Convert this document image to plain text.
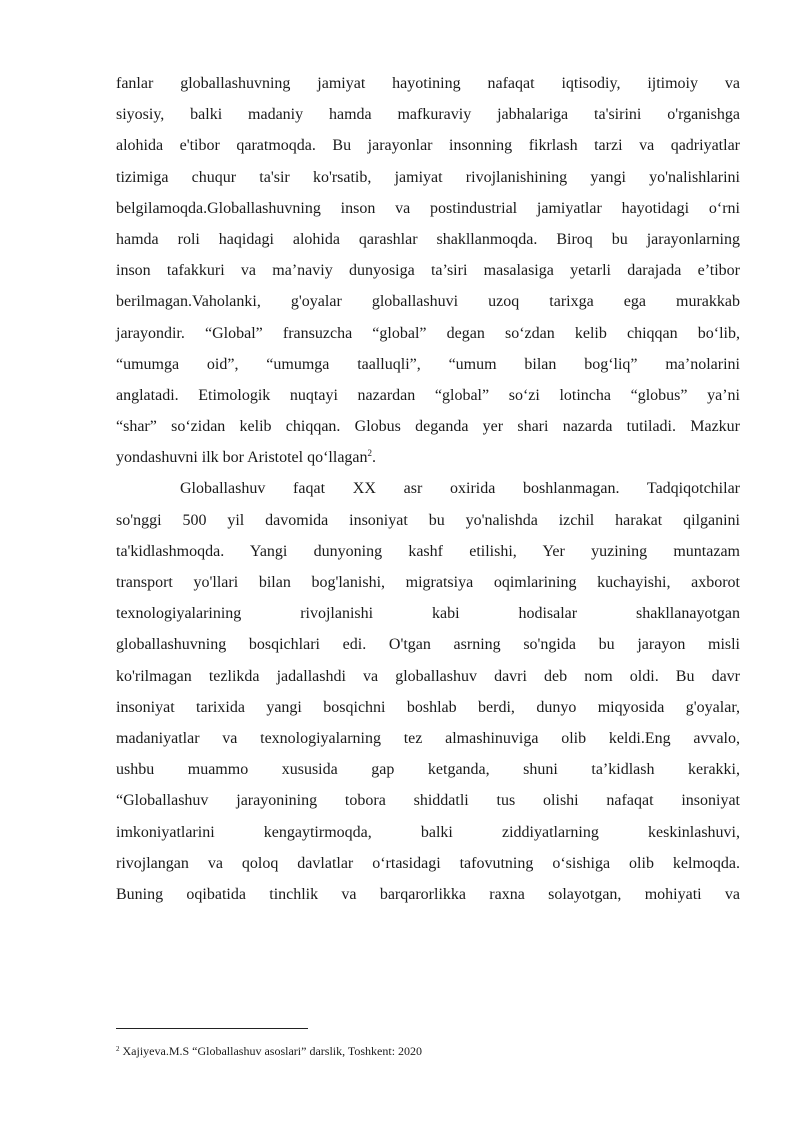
fanlar globallashuvning jamiyat hayotining nafaqat iqtisodiy, ijtimoiy va
siyosiy, balki madaniy hamda mafkuraviy jabhalariga ta'sirini o'rganishga
alohida e'tibor qaratmoqda. Bu jarayonlar insonning fikrlash tarzi va qadriyatlar
tizimiga chuqur ta'sir ko'rsatib, jamiyat rivojlanishining yangi yo'nalishlarini
belgilamoqda.Globallashuvning inson va postindustrial jamiyatlar hayotidagi o‘rni
hamda roli haqidagi alohida qarashlar shakllanmoqda. Biroq bu jarayonlarning
inson tafakkuri va ma’naviy dunyosiga ta’siri masalasiga yetarli darajada e’tibor
berilmagan.Vaholanki, g'oyalar globallashuvi uzoq tarixga ega murakkab
jarayondir. “Global” fransuzcha “global” degan so‘zdan kelib chiqqan bo‘lib,
“umumga oid”, “umumga taalluqli”, “umum bilan bog‘liq” ma’nolarini
anglatadi. Etimologik nuqtayi nazardan “global” so‘zi lotincha “globus” ya’ni
“shar” so‘zidan kelib chiqqan. Globus deganda yer shari nazarda tutiladi. Mazkur
yondashuvni ilk bor Aristotel qo‘llagan$^2$.
Globallashuv faqat XX asr oxirida boshlanmagan. Tadqiqotchilar
so'nggi 500 yil davomida insoniyat bu yo'nalishda izchil harakat qilganini
ta'kidlashmoqda. Yangi dunyoning kashf etilishi, Yer yuzining muntazam
transport yo'llari bilan bog'lanishi, migratsiya oqimlarining kuchayishi, axborot
texnologiyalarining rivojlanishi kabi hodisalar shakllanayotgan
globallashuvning bosqichlari edi. O'tgan asrning so'ngida bu jarayon misli
ko'rilmagan tezlikda jadallashdi va globallashuv davri deb nom oldi. Bu davr
insoniyat tarixida yangi bosqichni boshlab berdi, dunyo miqyosida g'oyalar,
madaniyatlar va texnologiyalarning tez almashinuviga olib keldi.Eng avvalo,
ushbu muammo xususida gap ketganda, shuni ta’kidlash kerakki,
“Globallashuv jarayonining tobora shiddatli tus olishi nafaqat insoniyat
imkoniyatlarini kengaytirmoqda, balki ziddiyatlarning keskinlashuvi,
rivojlangan va qoloq davlatlar o‘rtasidagi tafovutning o‘sishiga olib kelmoqda.
Buning oqibatida tinchlik va barqarorlikka raxna solayotgan, mohiyati va
$^2$ Xajiyeva.M.S “Globallashuv asoslari” darslik, Toshkent: 2020
